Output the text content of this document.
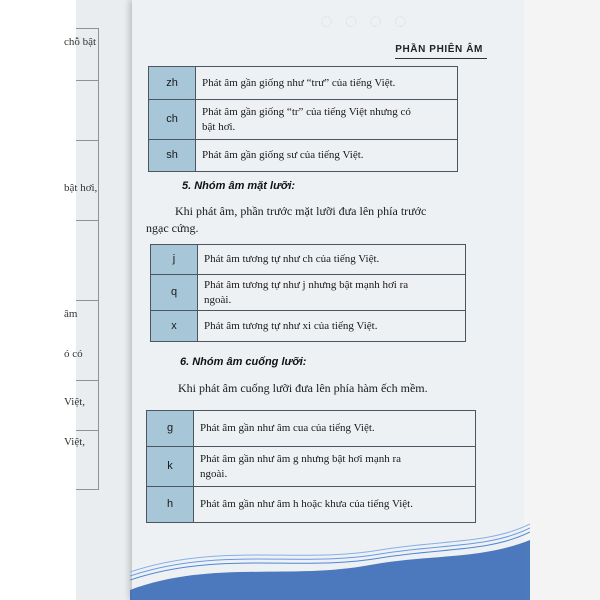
chỗ bật
bật hơi,
âm
ó có
Việt,
Việt,
◌ ◌ ◌ ◌
PHẦN PHIÊN ÂM
zh	Phát âm gần giống như “trư” của tiếng Việt.
ch	Phát âm gần giống “tr” của tiếng Việt nhưng có
bật hơi.
sh	Phát âm gần giống sư của tiếng Việt.
5. Nhóm âm mặt lưỡi:
Khi phát âm, phần trước mặt lưỡi đưa lên phía trước
ngạc cứng.
j	Phát âm tương tự như ch của tiếng Việt.
q	Phát âm tương tự như j nhưng bật mạnh hơi ra
ngoài.
x	Phát âm tương tự như xi của tiếng Việt.
6. Nhóm âm cuống lưỡi:
Khi phát âm cuống lưỡi đưa lên phía hàm ếch mềm.
g	Phát âm gần như âm cua của tiếng Việt.
k	Phát âm gần như âm g nhưng bật hơi mạnh ra
ngoài.
h	Phát âm gần như âm h hoặc khưa của tiếng Việt.
